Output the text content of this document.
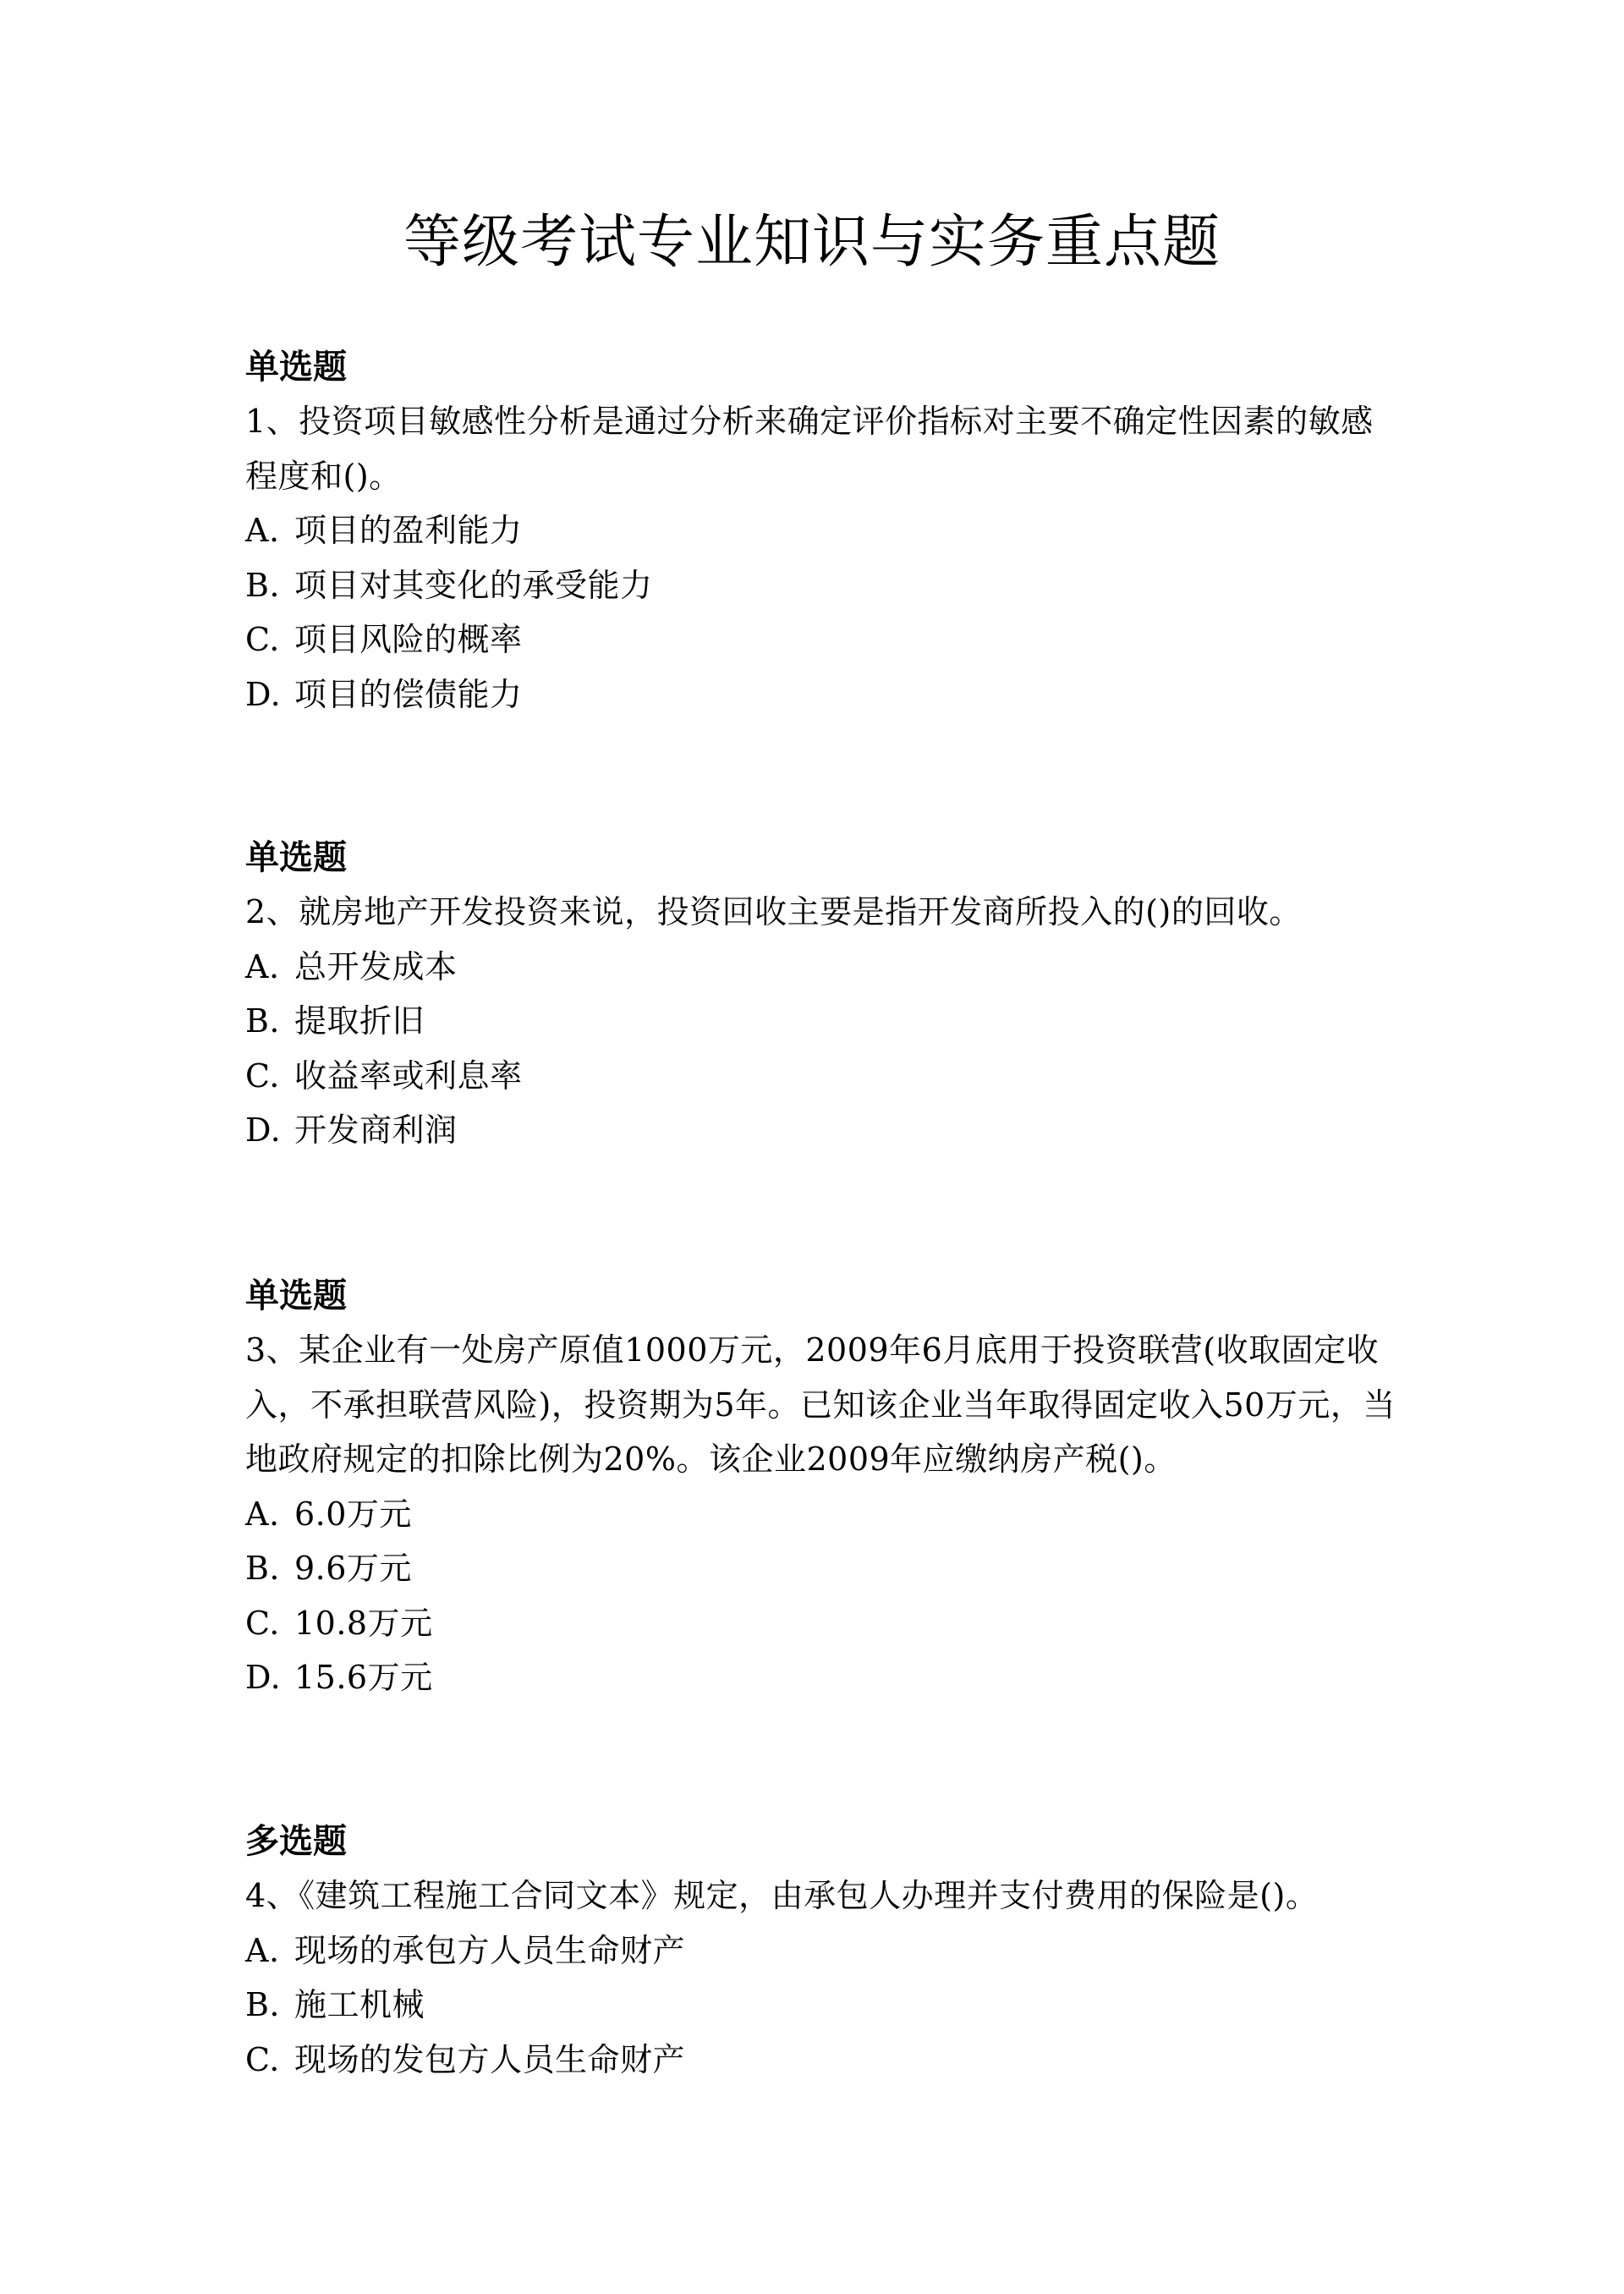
等级考试专业知识与实务重点题
单选题
1、投资项目敏感性分析是通过分析来确定评价指标对主要不确定性因素的敏感程度和()。
A. 项目的盈利能力
B. 项目对其变化的承受能力
C. 项目风险的概率
D. 项目的偿债能力
单选题
2、就房地产开发投资来说，投资回收主要是指开发商所投入的()的回收。
A. 总开发成本
B. 提取折旧
C. 收益率或利息率
D. 开发商利润
单选题
3、某企业有一处房产原值1000万元，2009年6月底用于投资联营(收取固定收入，不承担联营风险)，投资期为5年。已知该企业当年取得固定收入50万元，当地政府规定的扣除比例为20%。该企业2009年应缴纳房产税()。
A. 6.0万元
B. 9.6万元
C. 10.8万元
D. 15.6万元
多选题
4、《建筑工程施工合同文本》规定，由承包人办理并支付费用的保险是()。
A. 现场的承包方人员生命财产
B. 施工机械
C. 现场的发包方人员生命财产
